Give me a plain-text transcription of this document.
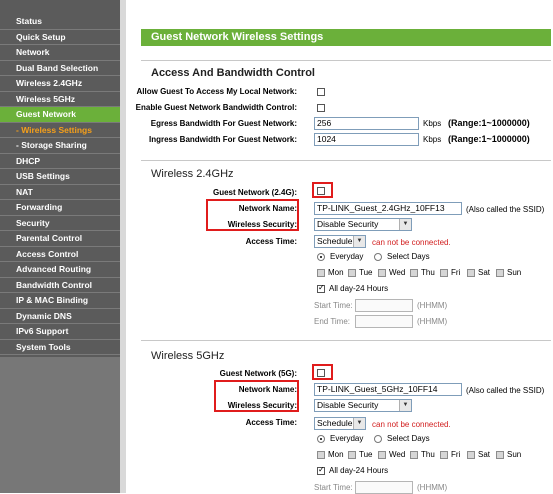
Status
Quick Setup
Network
Dual Band Selection
Wireless 2.4GHz
Wireless 5GHz
Guest Network
- Wireless Settings
- Storage Sharing
DHCP
USB Settings
NAT
Forwarding
Security
Parental Control
Access Control
Advanced Routing
Bandwidth Control
IP & MAC Binding
Dynamic DNS
IPv6 Support
System Tools
Guest Network Wireless Settings
Access And Bandwidth Control
Allow Guest To Access My Local Network:
Enable Guest Network Bandwidth Control:
Egress Bandwidth For Guest Network:	256	Kbps (Range:1~1000000)
Ingress Bandwidth For Guest Network:	1024	Kbps (Range:1~1000000)
Wireless 2.4GHz
Guest Network (2.4G):
Network Name:	TP-LINK_Guest_2.4GHz_10FF13	(Also called the SSID)
Wireless Security:	Disable Security	▼
Access Time:	Schedule ▼	can not be connected.
Everyday	Select Days
Mon Tue Wed Thu Fri Sat Sun
✓
All day-24 Hours
Start Time:	(HHMM)
End Time:	(HHMM)
Wireless 5GHz
Guest Network (5G):
Network Name:	TP-LINK_Guest_5GHz_10FF14	(Also called the SSID)
Wireless Security:	Disable Security	▼
Access Time:	Schedule ▼	can not be connected.
Everyday	Select Days
Mon Tue Wed Thu Fri Sat Sun
✓
All day-24 Hours
Start Time:	(HHMM)
